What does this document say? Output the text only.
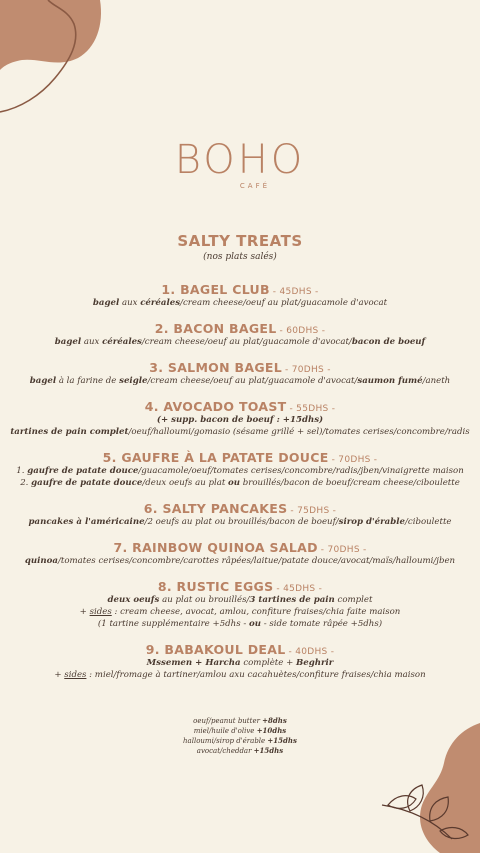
BOHO
CAFÉ
SALTY TREATS
(nos plats salés)
1. BAGEL CLUB - 45DHS -
bagel aux céréales/cream cheese/oeuf au plat/guacamole d'avocat
2. BACON BAGEL - 60DHS -
bagel aux céréales/cream cheese/oeuf au plat/guacamole d'avocat/bacon de boeuf
3. SALMON BAGEL - 70DHS -
bagel à la farine de seigle/cream cheese/oeuf au plat/guacamole d'avocat/saumon fumé/aneth
4. AVOCADO TOAST - 55DHS -
(+ supp. bacon de boeuf : +15dhs)
tartines de pain complet/oeuf/halloumi/gomasio (sésame grillé + sel)/tomates cerises/concombre/radis
5. GAUFRE À LA PATATE DOUCE - 70DHS -
1. gaufre de patate douce/guacamole/oeuf/tomates cerises/concombre/radis/jben/vinaigrette maison
2. gaufre de patate douce/deux oeufs au plat ou brouillés/bacon de boeuf/cream cheese/ciboulette
6. SALTY PANCAKES - 75DHS -
pancakes à l'américaine/2 oeufs au plat ou brouillés/bacon de boeuf/sirop d'érable/ciboulette
7. RAINBOW QUINOA SALAD - 70DHS -
quinoa/tomates cerises/concombre/carottes râpées/laitue/patate douce/avocat/maïs/halloumi/jben
8. RUSTIC EGGS - 45DHS -
deux oeufs au plat ou brouillés/3 tartines de pain complet
+ sides : cream cheese, avocat, amlou, confiture fraises/chia faite maison
(1 tartine supplémentaire +5dhs - ou - side tomate râpée +5dhs)
9. BABAKOUL DEAL - 40DHS -
Mssemen + Harcha complète + Beghrir
+ sides : miel/fromage à tartiner/amlou axu cacahuètes/confiture fraises/chia maison
oeuf/peanut butter +8dhs
miel/huile d'olive +10dhs
halloumi/sirop d'érable +15dhs
avocat/cheddar +15dhs
